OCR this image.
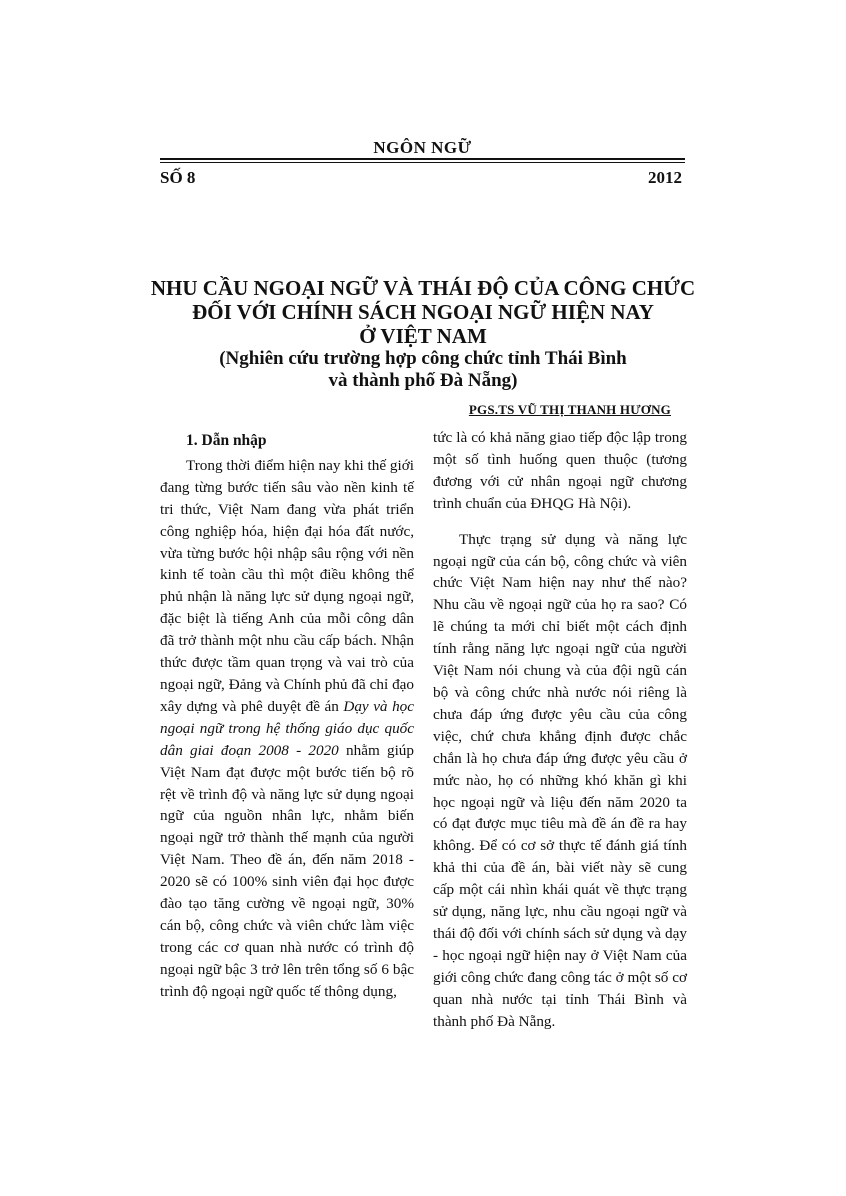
NGÔN NGỮ
SỐ 8	2012
NHU CẦU NGOẠI NGỮ VÀ THÁI ĐỘ CỦA CÔNG CHỨC
ĐỐI VỚI CHÍNH SÁCH NGOẠI NGỮ HIỆN NAY
Ở VIỆT NAM
(Nghiên cứu trường hợp công chức tỉnh Thái Bình
và thành phố Đà Nẵng)
PGS.TS VŨ THỊ THANH HƯƠNG
1. Dẫn nhập

Trong thời điểm hiện nay khi thế giới đang từng bước tiến sâu vào nền kinh tế tri thức, Việt Nam đang vừa phát triển công nghiệp hóa, hiện đại hóa đất nước, vừa từng bước hội nhập sâu rộng với nền kinh tế toàn cầu thì một điều không thể phủ nhận là năng lực sử dụng ngoại ngữ, đặc biệt là tiếng Anh của mỗi công dân đã trở thành một nhu cầu cấp bách. Nhận thức được tầm quan trọng và vai trò của ngoại ngữ, Đảng và Chính phủ đã chỉ đạo xây dựng và phê duyệt đề án Dạy và học ngoại ngữ trong hệ thống giáo dục quốc dân giai đoạn 2008 - 2020 nhằm giúp Việt Nam đạt được một bước tiến bộ rõ rệt về trình độ và năng lực sử dụng ngoại ngữ của nguồn nhân lực, nhằm biến ngoại ngữ trở thành thế mạnh của người Việt Nam. Theo đề án, đến năm 2018 - 2020 sẽ có 100% sinh viên đại học được đào tạo tăng cường về ngoại ngữ, 30% cán bộ, công chức và viên chức làm việc trong các cơ quan nhà nước có trình độ ngoại ngữ bậc 3 trở lên trên tổng số 6 bậc trình độ ngoại ngữ quốc tế thông dụng,

tức là có khả năng giao tiếp độc lập trong một số tình huống quen thuộc (tương đương với cử nhân ngoại ngữ chương trình chuẩn của ĐHQG Hà Nội).

Thực trạng sử dụng và năng lực ngoại ngữ của cán bộ, công chức và viên chức Việt Nam hiện nay như thế nào? Nhu cầu về ngoại ngữ của họ ra sao? Có lẽ chúng ta mới chỉ biết một cách định tính rằng năng lực ngoại ngữ của người Việt Nam nói chung và của đội ngũ cán bộ và công chức nhà nước nói riêng là chưa đáp ứng được yêu cầu của công việc, chứ chưa khẳng định được chắc chắn là họ chưa đáp ứng được yêu cầu ở mức nào, họ có những khó khăn gì khi học ngoại ngữ và liệu đến năm 2020 ta có đạt được mục tiêu mà đề án đề ra hay không. Để có cơ sở thực tế đánh giá tính khả thi của đề án, bài viết này sẽ cung cấp một cái nhìn khái quát về thực trạng sử dụng, năng lực, nhu cầu ngoại ngữ và thái độ đối với chính sách sử dụng và dạy - học ngoại ngữ hiện nay ở Việt Nam của giới công chức đang công tác ở một số cơ quan nhà nước tại tỉnh Thái Bình và thành phố Đà Nẵng.
